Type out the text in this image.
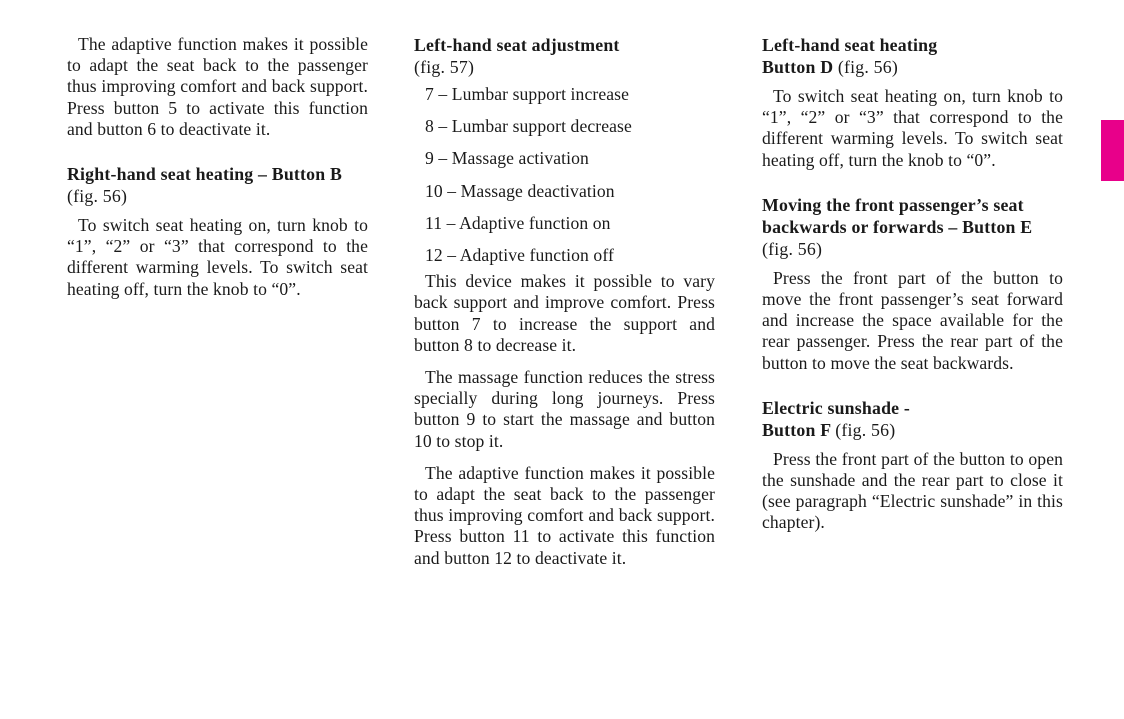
The adaptive function makes it possible to adapt the seat back to the passenger thus improving comfort and back support. Press button 5 to activate this function and button 6 to deactivate it.

Right-hand seat heating – Button B (fig. 56)

To switch seat heating on, turn knob to “1”, “2” or “3” that correspond to the different warming levels. To switch seat heating off, turn the knob to “0”.

Left-hand seat adjustment
(fig. 57)
7 – Lumbar support increase
8 – Lumbar support decrease
9 – Massage activation
10 – Massage deactivation
11 – Adaptive function on
12 – Adaptive function off

This device makes it possible to vary back support and improve comfort. Press button 7 to increase the support and button 8 to decrease it.

The massage function reduces the stress specially during long journeys. Press button 9 to start the massage and button 10 to stop it.

The adaptive function makes it possible to adapt the seat back to the passenger thus improving comfort and back support. Press button 11 to activate this function and button 12 to deactivate it.

Left-hand seat heating
Button D (fig. 56)

To switch seat heating on, turn knob to “1”, “2” or “3” that correspond to the different warming levels. To switch seat heating off, turn the knob to “0”.

Moving the front passenger’s seat backwards or forwards – Button E (fig. 56)

Press the front part of the button to move the front passenger’s seat forward and increase the space available for the rear passenger. Press the rear part of the button to move the seat backwards.

Electric sunshade -
Button F (fig. 56)

Press the front part of the button to open the sunshade and the rear part to close it (see paragraph “Electric sunshade” in this chapter).
